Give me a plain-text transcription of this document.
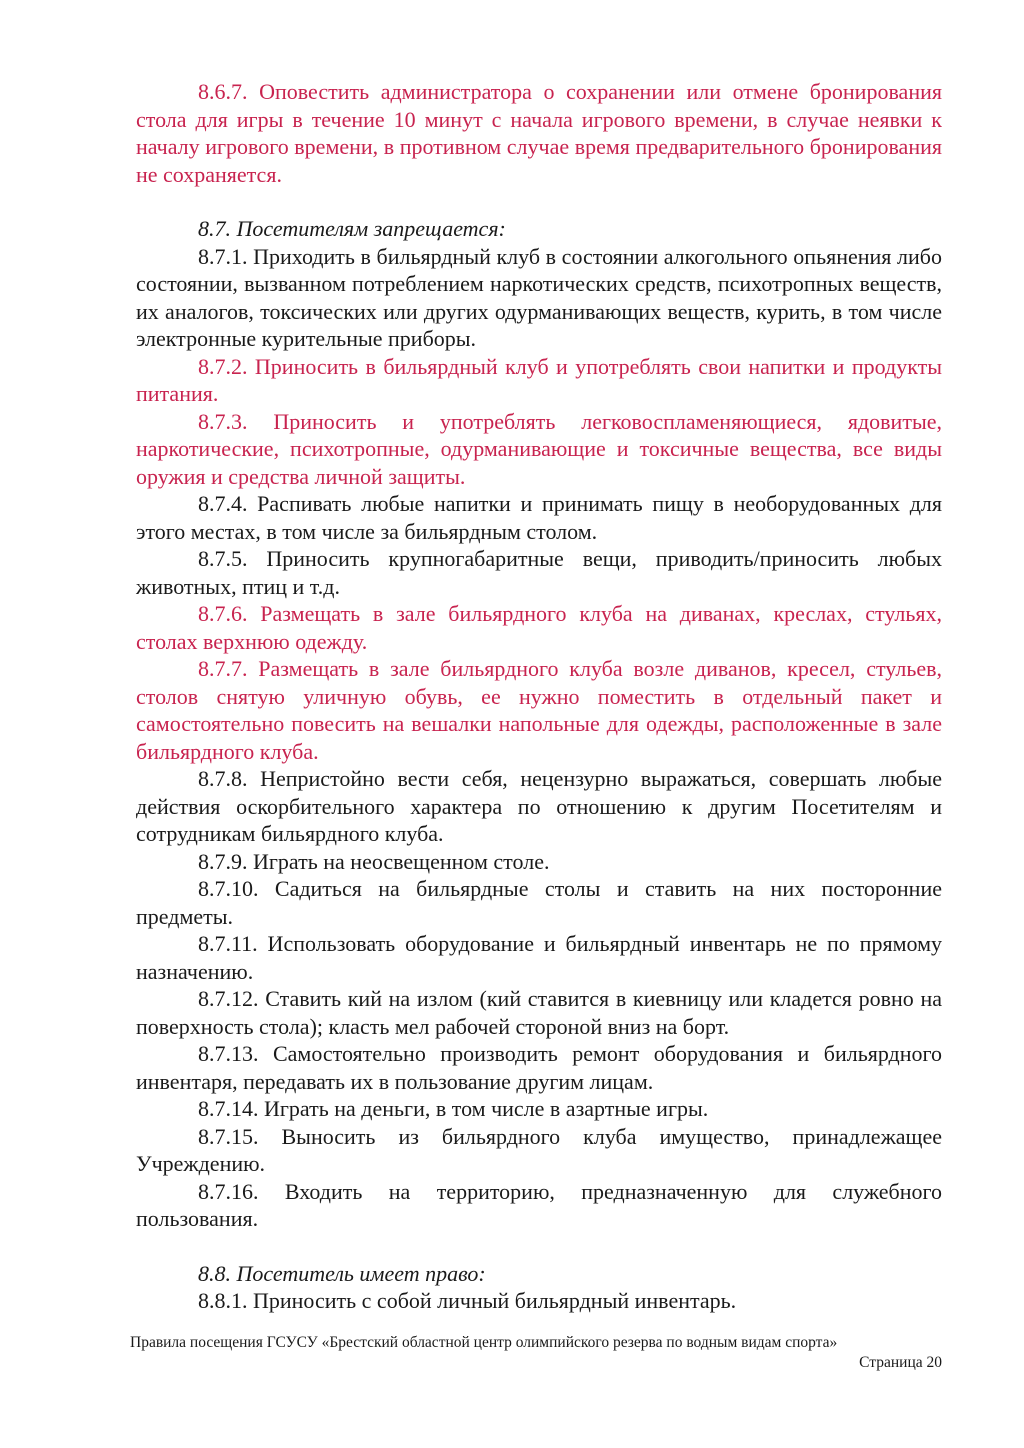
8.6.7. Оповестить администратора о сохранении или отмене бронирования стола для игры в течение 10 минут с начала игрового времени, в случае неявки к началу игрового времени, в противном случае время предварительного бронирования не сохраняется.

8.7. Посетителям запрещается:

8.7.1. Приходить в бильярдный клуб в состоянии алкогольного опьянения либо состоянии, вызванном потреблением наркотических средств, психотропных веществ, их аналогов, токсических или других одурманивающих веществ, курить, в том числе электронные курительные приборы.

8.7.2. Приносить в бильярдный клуб и употреблять свои напитки и продукты питания.

8.7.3. Приносить и употреблять легковоспламеняющиеся, ядовитые, наркотические, психотропные, одурманивающие и токсичные вещества, все виды оружия и средства личной защиты.

8.7.4. Распивать любые напитки и принимать пищу в необорудованных для этого местах, в том числе за бильярдным столом.

8.7.5. Приносить крупногабаритные вещи, приводить/приносить любых животных, птиц и т.д.

8.7.6. Размещать в зале бильярдного клуба на диванах, креслах, стульях, столах верхнюю одежду.

8.7.7. Размещать в зале бильярдного клуба возле диванов, кресел, стульев, столов снятую уличную обувь, ее нужно поместить в отдельный пакет и самостоятельно повесить на вешалки напольные для одежды, расположенные в зале бильярдного клуба.

8.7.8. Непристойно вести себя, нецензурно выражаться, совершать любые действия оскорбительного характера по отношению к другим Посетителям и сотрудникам бильярдного клуба.

8.7.9. Играть на неосвещенном столе.

8.7.10. Садиться на бильярдные столы и ставить на них посторонние предметы.

8.7.11. Использовать оборудование и бильярдный инвентарь не по прямому назначению.

8.7.12. Ставить кий на излом (кий ставится в киевницу или кладется ровно на поверхность стола); класть мел рабочей стороной вниз на борт.

8.7.13. Самостоятельно производить ремонт оборудования и бильярдного инвентаря, передавать их в пользование другим лицам.

8.7.14. Играть на деньги, в том числе в азартные игры.

8.7.15. Выносить из бильярдного клуба имущество, принадлежащее Учреждению.

8.7.16. Входить на территорию, предназначенную для служебного пользования.

8.8. Посетитель имеет право:

8.8.1. Приносить с собой личный бильярдный инвентарь.

Правила посещения ГСУСУ «Брестский областной центр олимпийского резерва по водным видам спорта»
Страница 20
